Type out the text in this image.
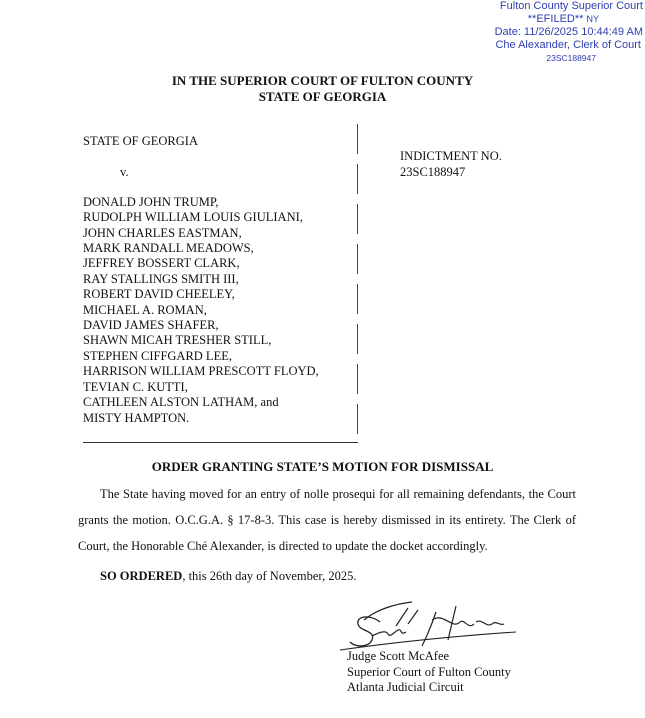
Fulton County Superior Court
**EFILED** NY
Date: 11/26/2025 10:44:49 AM
Che Alexander, Clerk of Court
23SC188947
IN THE SUPERIOR COURT OF FULTON COUNTY
STATE OF GEORGIA
STATE OF GEORGIA
v.
DONALD JOHN TRUMP,
RUDOLPH WILLIAM LOUIS GIULIANI,
JOHN CHARLES EASTMAN,
MARK RANDALL MEADOWS,
JEFFREY BOSSERT CLARK,
RAY STALLINGS SMITH III,
ROBERT DAVID CHEELEY,
MICHAEL A. ROMAN,
DAVID JAMES SHAFER,
SHAWN MICAH TRESHER STILL,
STEPHEN CIFFGARD LEE,
HARRISON WILLIAM PRESCOTT FLOYD,
TEVIAN C. KUTTI,
CATHLEEN ALSTON LATHAM, and
MISTY HAMPTON.
INDICTMENT NO.
23SC188947
ORDER GRANTING STATE’S MOTION FOR DISMISSAL

The State having moved for an entry of nolle prosequi for all remaining defendants, the Court grants the motion. O.C.G.A. § 17-8-3. This case is hereby dismissed in its entirety. The Clerk of Court, the Honorable Ché Alexander, is directed to update the docket accordingly.

SO ORDERED, this 26th day of November, 2025.
Judge Scott McAfee
Superior Court of Fulton County
Atlanta Judicial Circuit
